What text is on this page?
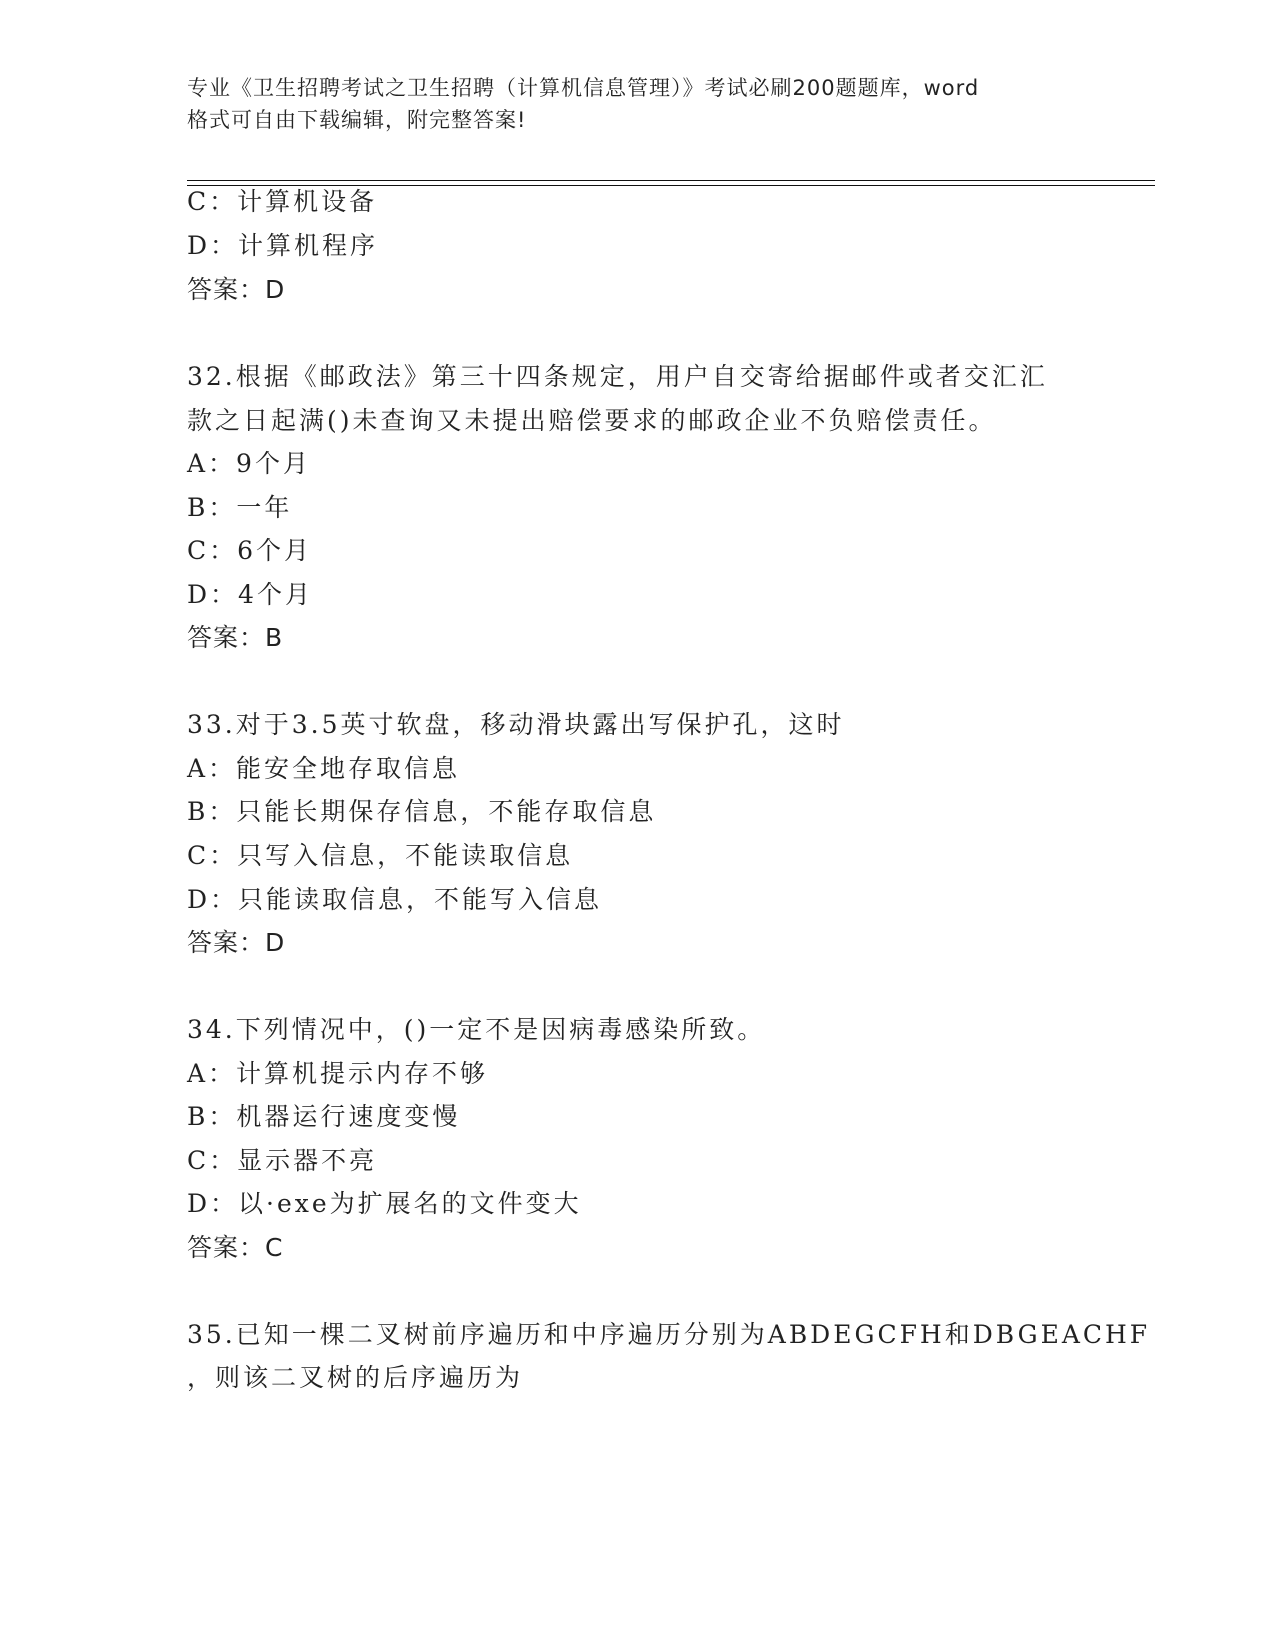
专业《卫生招聘考试之卫生招聘（计算机信息管理）》考试必刷200题题库，word
格式可自由下载编辑，附完整答案!
C：计算机设备
D：计算机程序
答案：D
32.根据《邮政法》第三十四条规定，用户自交寄给据邮件或者交汇汇
款之日起满()未查询又未提出赔偿要求的邮政企业不负赔偿责任。
A：9个月
B：一年
C：6个月
D：4个月
答案：B
33.对于3.5英寸软盘，移动滑块露出写保护孔，这时
A：能安全地存取信息
B：只能长期保存信息，不能存取信息
C：只写入信息，不能读取信息
D：只能读取信息，不能写入信息
答案：D
34.下列情况中，()一定不是因病毒感染所致。
A：计算机提示内存不够
B：机器运行速度变慢
C：显示器不亮
D：以·exe为扩展名的文件变大
答案：C
35.已知一棵二叉树前序遍历和中序遍历分别为ABDEGCFH和DBGEACHF
，则该二叉树的后序遍历为
